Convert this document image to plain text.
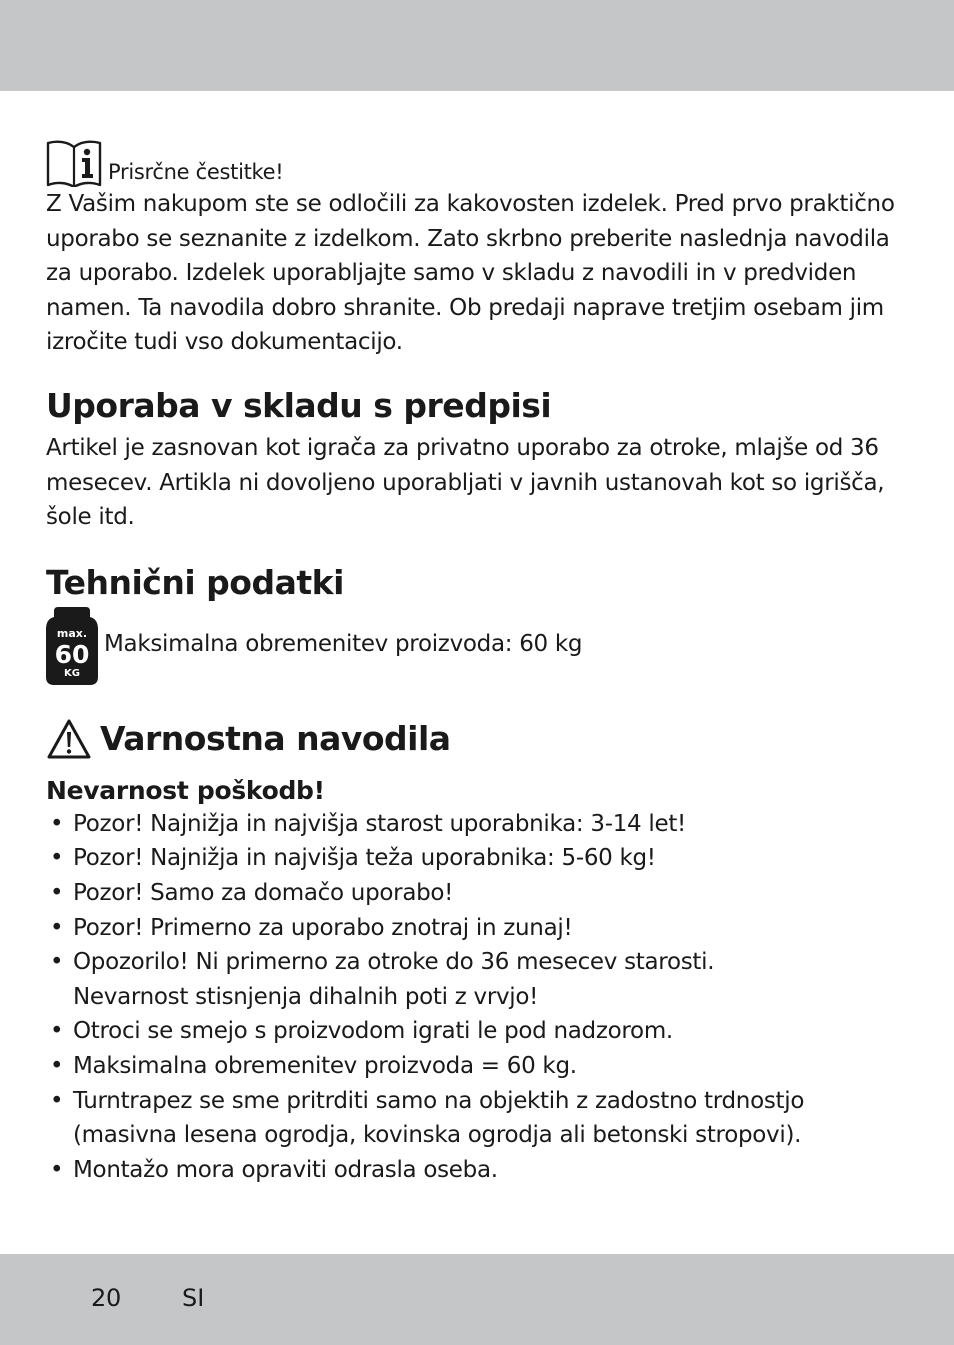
Prisrčne čestitke!

Z Vašim nakupom ste se odločili za kakovosten izdelek. Pred prvo praktično uporabo se seznanite z izdelkom. Zato skrbno preberite naslednja navodila za uporabo. Izdelek uporabljajte samo v skladu z navodili in v predviden namen. Ta navodila dobro shranite. Ob predaji naprave tretjim osebam jim izročite tudi vso dokumentacijo.

Uporaba v skladu s predpisi

Artikel je zasnovan kot igrača za privatno uporabo za otroke, mlajše od 36 mesecev. Artikla ni dovoljeno uporabljati v javnih ustanovah kot so igrišča, šole itd.

Tehnični podatki
max.
60
KG

Maksimalna obremenitev proizvoda: 60 kg

Varnostna navodila
Nevarnost poškodb!
• Pozor! Najnižja in najvišja starost uporabnika: 3-14 let!
• Pozor! Najnižja in najvišja teža uporabnika: 5-60 kg!
• Pozor! Samo za domačo uporabo!
• Pozor! Primerno za uporabo znotraj in zunaj!
• Opozorilo! Ni primerno za otroke do 36 mesecev starosti. Nevarnost stisnjenja dihalnih poti z vrvjo!
• Otroci se smejo s proizvodom igrati le pod nadzorom.
• Maksimalna obremenitev proizvoda = 60 kg.
• Turntrapez se sme pritrditi samo na objektih z zadostno trdnostjo (masivna lesena ogrodja, kovinska ogrodja ali betonski stropovi).
• Montažo mora opraviti odrasla oseba.
20	SI
